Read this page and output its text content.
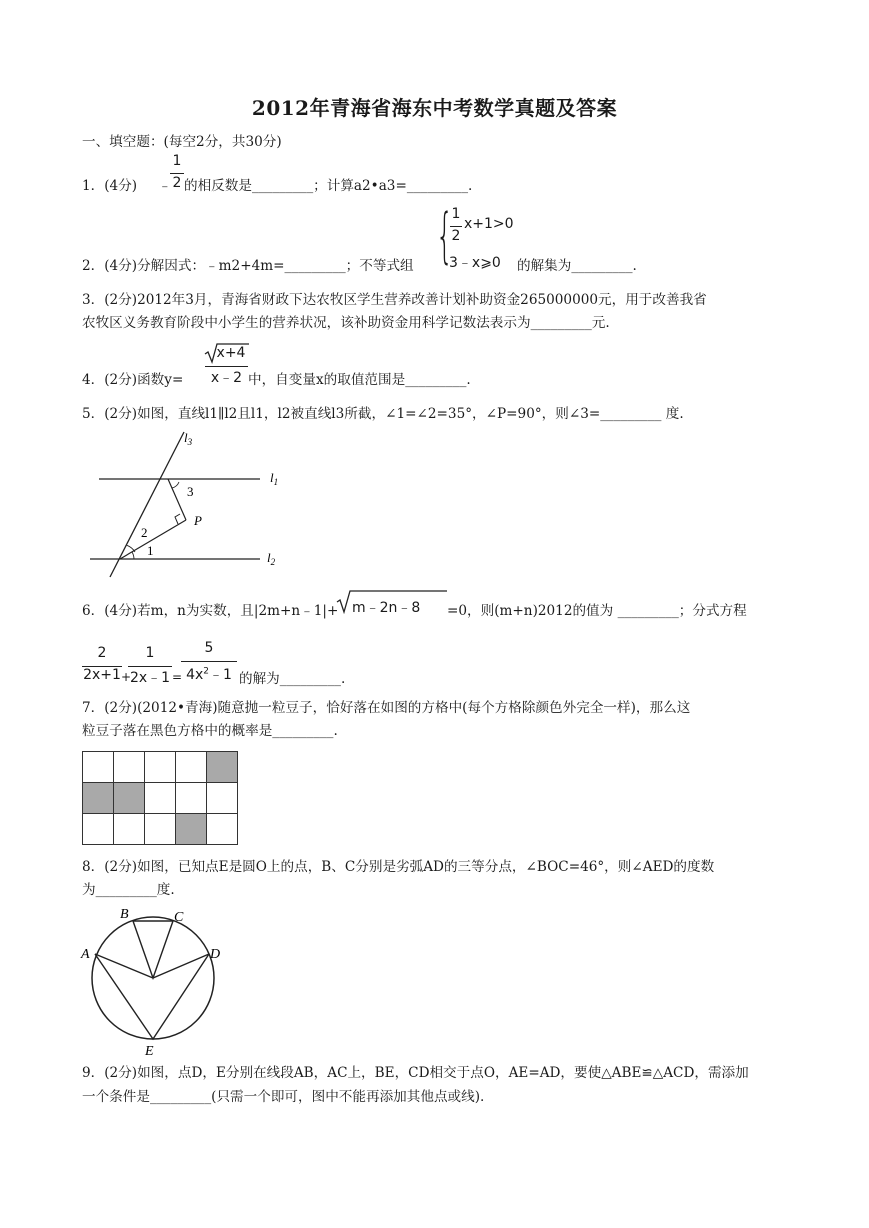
2012年青海省海东中考数学真题及答案
一、填空题：(每空2分，共30分)
1．(4分) ﹣
1
2 的相反数是_________；计算a2•a3=_________.
2．(4分)分解因式：﹣m2+4m=_________；不等式组 {
1
2
x+1>0
3﹣x⩾0 的解集为_________.
3．(2分)2012年3月，青海省财政下达农牧区学生营养改善计划补助资金265000000元，用于改善我省
农牧区义务教育阶段中小学生的营养状况，该补助资金用科学记数法表示为_________元.
4．(2分)函数y=
x+4
x﹣2 中，自变量x的取值范围是_________.
5．(2分)如图，直线l1∥l2且l1，l2被直线l3所截，∠1=∠2=35°，∠P=90°，则∠3=_________ 度.
$l_3$
$l_1$
$l_2$
3
P
2
1
6．(4分)若m，n为实数，且|2m+n﹣1|+ m﹣2n﹣8 =0，则(m+n)2012的值为 _________；分式方程
2
2x+1 +
1
2x﹣1 =
5
$4x^2﹣1$ 的解为_________.
7．(2分)(2012•青海)随意抛一粒豆子，恰好落在如图的方格中(每个方格除颜色外完全一样)，那么这
粒豆子落在黑色方格中的概率是_________.

8．(2分)如图，已知点E是圆O上的点，B、C分别是劣弧AD的三等分点，∠BOC=46°，则∠AED的度数
为_________度.
B	C
A	D
E
9．(2分)如图，点D，E分别在线段AB，AC上，BE，CD相交于点O，AE=AD，要使△ABE≌△ACD，需添加
一个条件是_________(只需一个即可，图中不能再添加其他点或线).
